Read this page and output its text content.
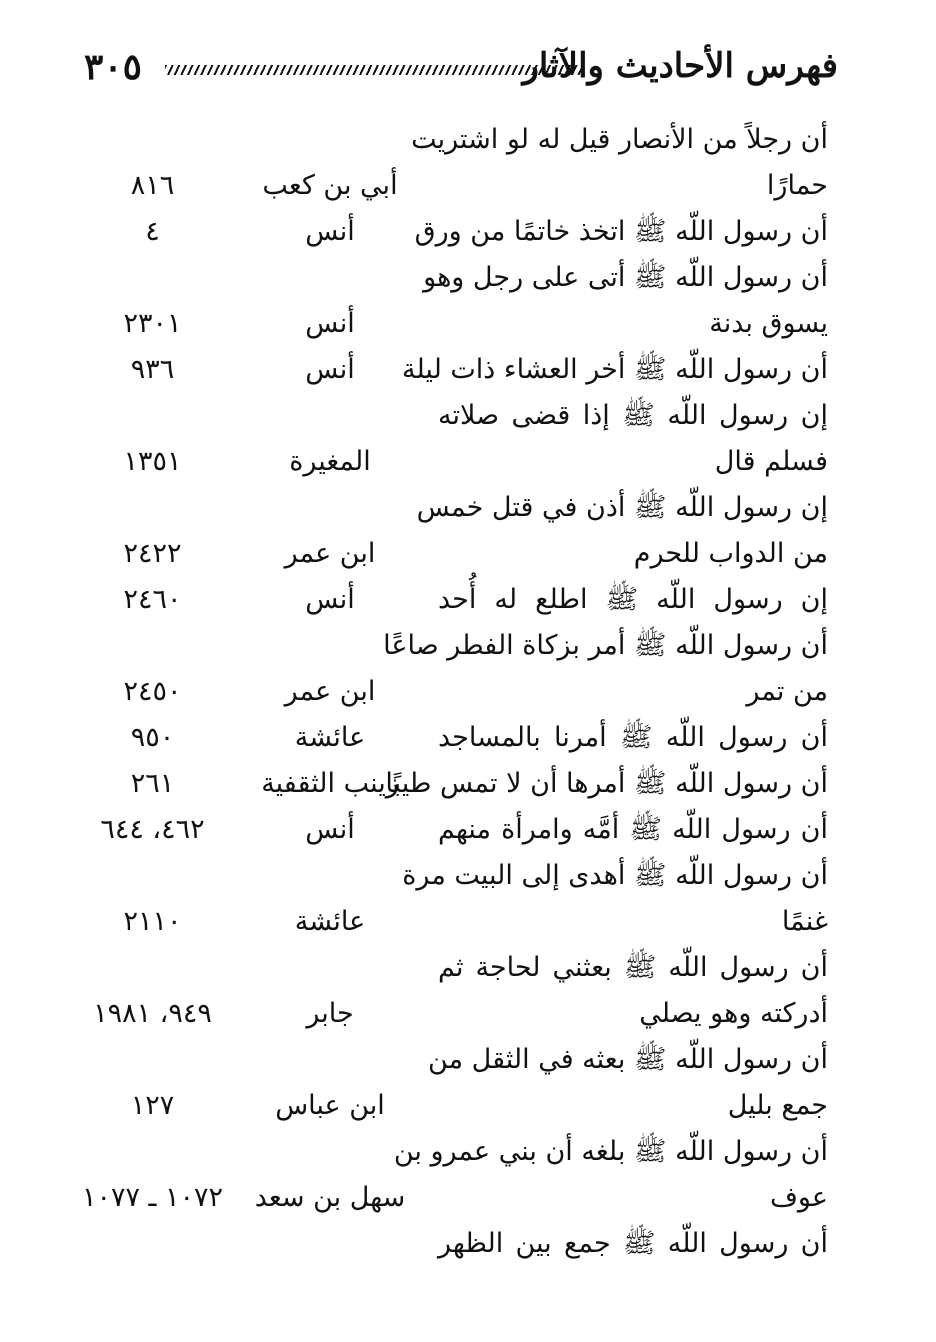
٣٠٥	فهرس الأحاديث والآثار
أن رجلاً من الأنصار قيل له لو اشتريت
حمارًا
أبي بن كعب
٨١٦
أن رسول اللّه ﷺ اتخذ خاتمًا من ورق
أنس
٤
أن رسول اللّه ﷺ أتى على رجل وهو
يسوق بدنة
أنس
٢٣٠١
أن رسول اللّه ﷺ أخر العشاء ذات ليلة
أنس
٩٣٦
إن رسول اللّه ﷺ إذا قضى صلاته
فسلم قال
المغيرة
١٣٥١
إن رسول اللّه ﷺ أذن في قتل خمس
من الدواب للحرم
ابن عمر
٢٤٢٢
إن رسول اللّه ﷺ اطلع له أُحد
أنس
٢٤٦٠
أن رسول اللّه ﷺ أمر بزكاة الفطر صاعًا
من تمر
ابن عمر
٢٤٥٠
أن رسول اللّه ﷺ أمرنا بالمساجد
عائشة
٩٥٠
أن رسول اللّه ﷺ أمرها أن لا تمس طيبًا
زينب الثقفية
٢٦١
أن رسول اللّه ﷺ أمَّه وامرأة منهم
أنس
٤٦٢، ٦٤٤
أن رسول اللّه ﷺ أهدى إلى البيت مرة
غنمًا
عائشة
٢١١٠
أن رسول اللّه ﷺ بعثني لحاجة ثم
أدركته وهو يصلي
جابر
٩٤٩، ١٩٨١
أن رسول اللّه ﷺ بعثه في الثقل من
جمع بليل
ابن عباس
١٢٧
أن رسول اللّه ﷺ بلغه أن بني عمرو بن
عوف
سهل بن سعد
١٠٧٢ ـ ١٠٧٧
أن رسول اللّه ﷺ جمع بين الظهر
